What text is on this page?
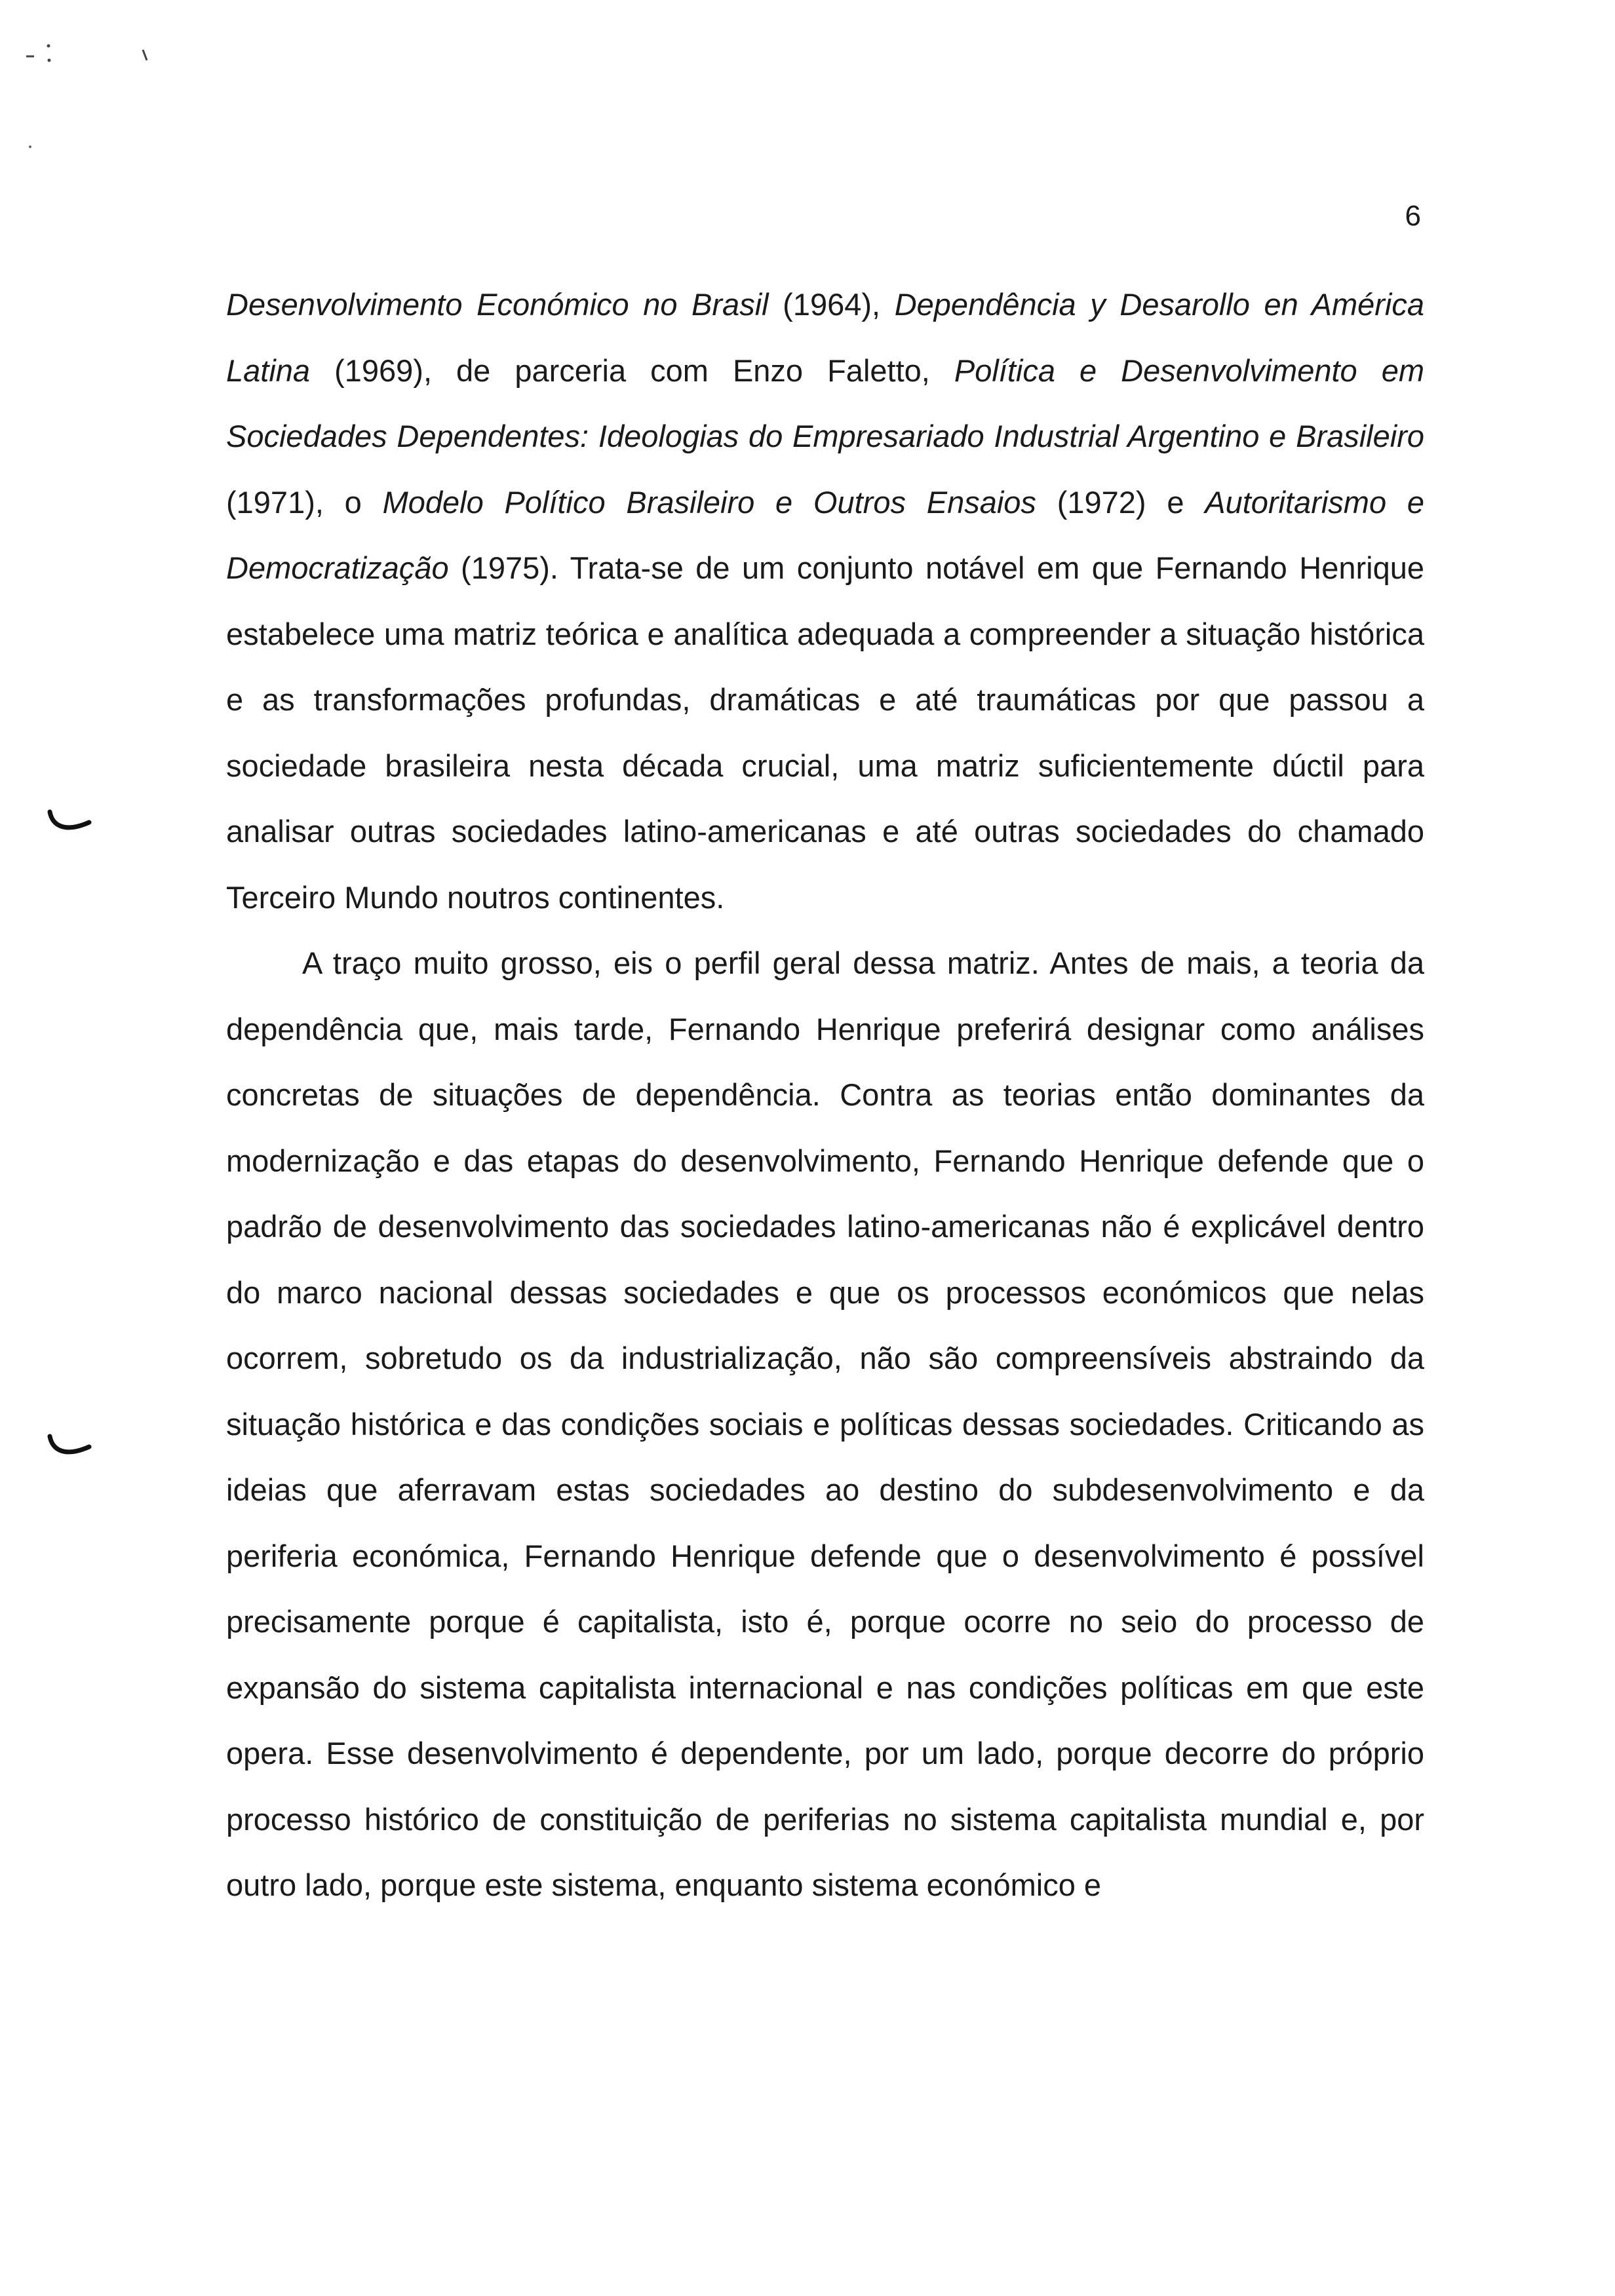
6

Desenvolvimento Económico no Brasil (1964), Dependência y Desarollo en América Latina (1969), de parceria com Enzo Faletto, Política e Desenvolvimento em Sociedades Dependentes: Ideologias do Empresariado Industrial Argentino e Brasileiro (1971), o Modelo Político Brasileiro e Outros Ensaios (1972) e Autoritarismo e Democratização (1975). Trata-se de um conjunto notável em que Fernando Henrique estabelece uma matriz teórica e analítica adequada a compreender a situação histórica e as transformações profundas, dramáticas e até traumáticas por que passou a sociedade brasileira nesta década crucial, uma matriz suficientemente dúctil para analisar outras sociedades latino-americanas e até outras sociedades do chamado Terceiro Mundo noutros continentes.

A traço muito grosso, eis o perfil geral dessa matriz. Antes de mais, a teoria da dependência que, mais tarde, Fernando Henrique preferirá designar como análises concretas de situações de dependência. Contra as teorias então dominantes da modernização e das etapas do desenvolvimento, Fernando Henrique defende que o padrão de desenvolvimento das sociedades latino-americanas não é explicável dentro do marco nacional dessas sociedades e que os processos económicos que nelas ocorrem, sobretudo os da industrialização, não são compreensíveis abstraindo da situação histórica e das condições sociais e políticas dessas sociedades. Criticando as ideias que aferravam estas sociedades ao destino do subdesenvolvimento e da periferia económica, Fernando Henrique defende que o desenvolvimento é possível precisamente porque é capitalista, isto é, porque ocorre no seio do processo de expansão do sistema capitalista internacional e nas condições políticas em que este opera. Esse desenvolvimento é dependente, por um lado, porque decorre do próprio processo histórico de constituição de periferias no sistema capitalista mundial e, por outro lado, porque este sistema, enquanto sistema económico e
